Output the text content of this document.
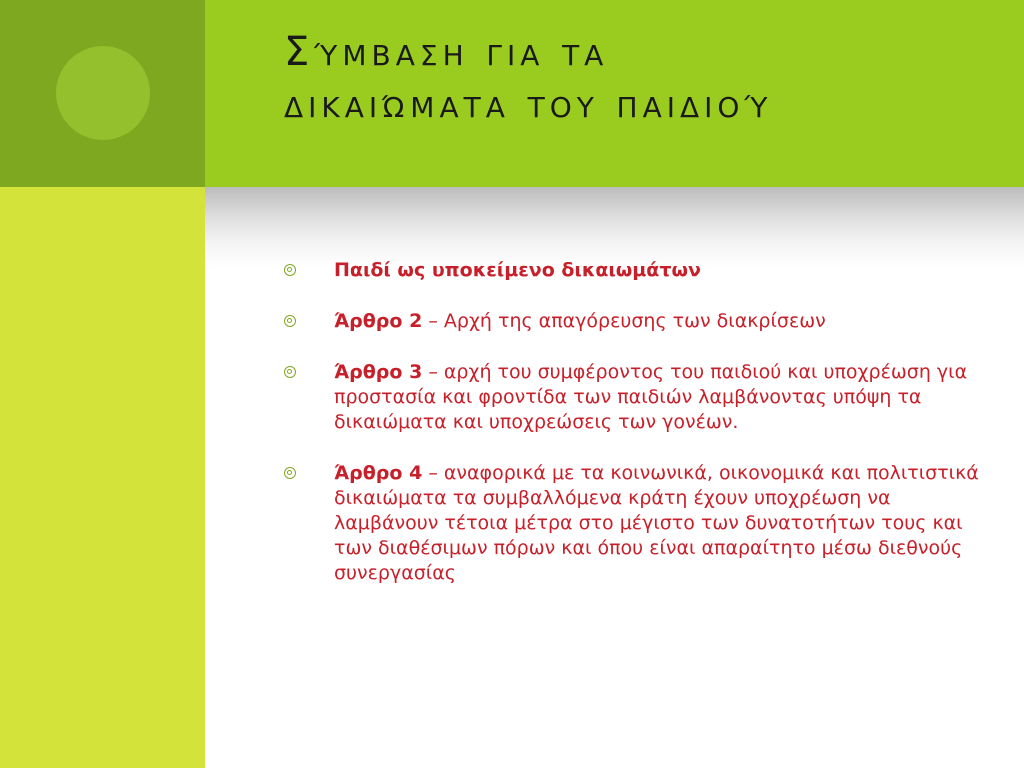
Σύμβαση για τα
δικαιώματα του παιδιού
Παιδί ως υποκείμενο δικαιωμάτων
Άρθρο 2 – Αρχή της απαγόρευσης των διακρίσεων
Άρθρο 3 – αρχή του συμφέροντος του παιδιού και υποχρέωση για προστασία και φροντίδα των παιδιών λαμβάνοντας υπόψη τα δικαιώματα και υποχρεώσεις των γονέων.
Άρθρο 4 – αναφορικά με τα κοινωνικά, οικονομικά και πολιτιστικά δικαιώματα τα συμβαλλόμενα κράτη έχουν υποχρέωση να λαμβάνουν τέτοια μέτρα στο μέγιστο των δυνατοτήτων τους και των διαθέσιμων πόρων και όπου είναι απαραίτητο μέσω διεθνούς συνεργασίας
